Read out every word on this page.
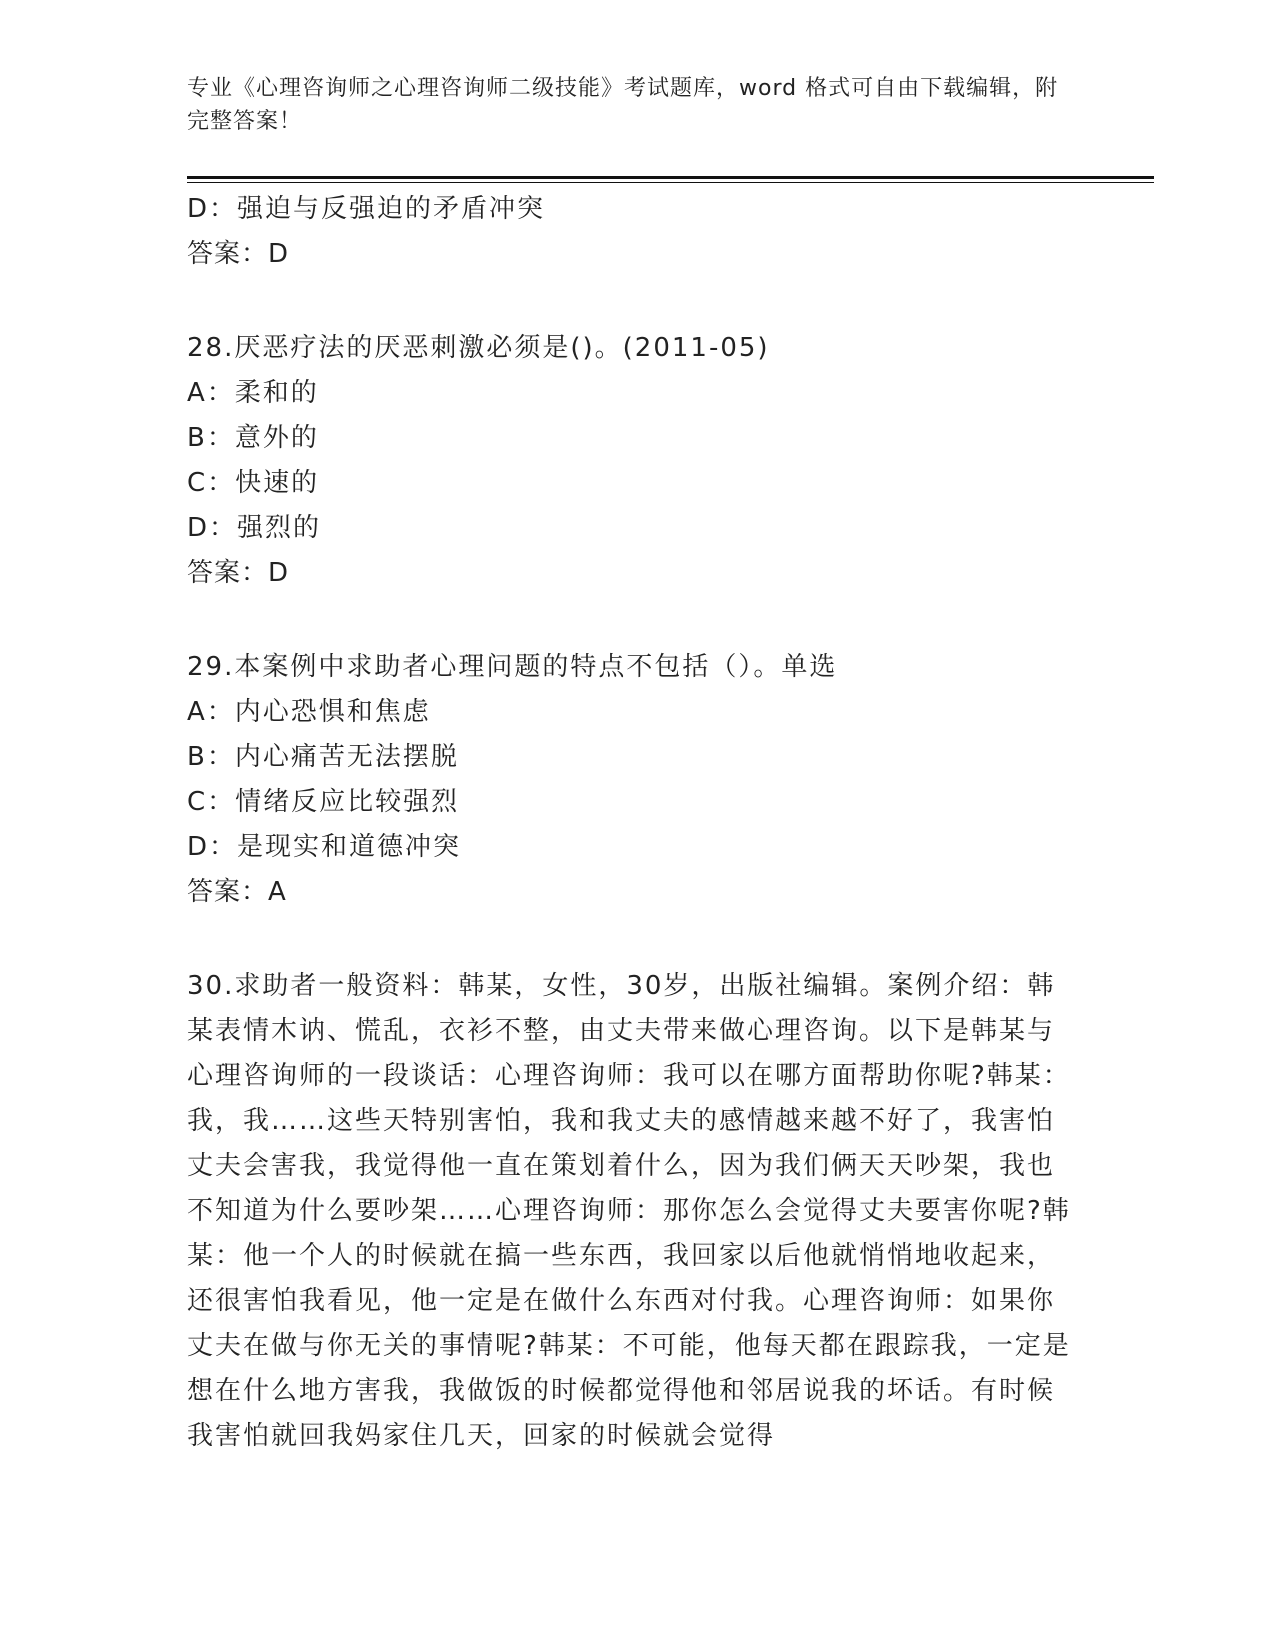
专业《心理咨询师之心理咨询师二级技能》考试题库，word 格式可自由下载编辑，附完整答案！
D：强迫与反强迫的矛盾冲突
答案：D
28.厌恶疗法的厌恶刺激必须是()。(2011-05)
A：柔和的
B：意外的
C：快速的
D：强烈的
答案：D
29.本案例中求助者心理问题的特点不包括（）。单选
A：内心恐惧和焦虑
B：内心痛苦无法摆脱
C：情绪反应比较强烈
D：是现实和道德冲突
答案：A
30.求助者一般资料：韩某，女性，30岁，出版社编辑。案例介绍：韩某表情木讷、慌乱，衣衫不整，由丈夫带来做心理咨询。以下是韩某与心理咨询师的一段谈话：心理咨询师：我可以在哪方面帮助你呢?韩某：我，我……这些天特别害怕，我和我丈夫的感情越来越不好了，我害怕丈夫会害我，我觉得他一直在策划着什么，因为我们俩天天吵架，我也不知道为什么要吵架……心理咨询师：那你怎么会觉得丈夫要害你呢?韩某：他一个人的时候就在搞一些东西，我回家以后他就悄悄地收起来，还很害怕我看见，他一定是在做什么东西对付我。心理咨询师：如果你丈夫在做与你无关的事情呢?韩某：不可能，他每天都在跟踪我，一定是想在什么地方害我，我做饭的时候都觉得他和邻居说我的坏话。有时候我害怕就回我妈家住几天，回家的时候就会觉得
